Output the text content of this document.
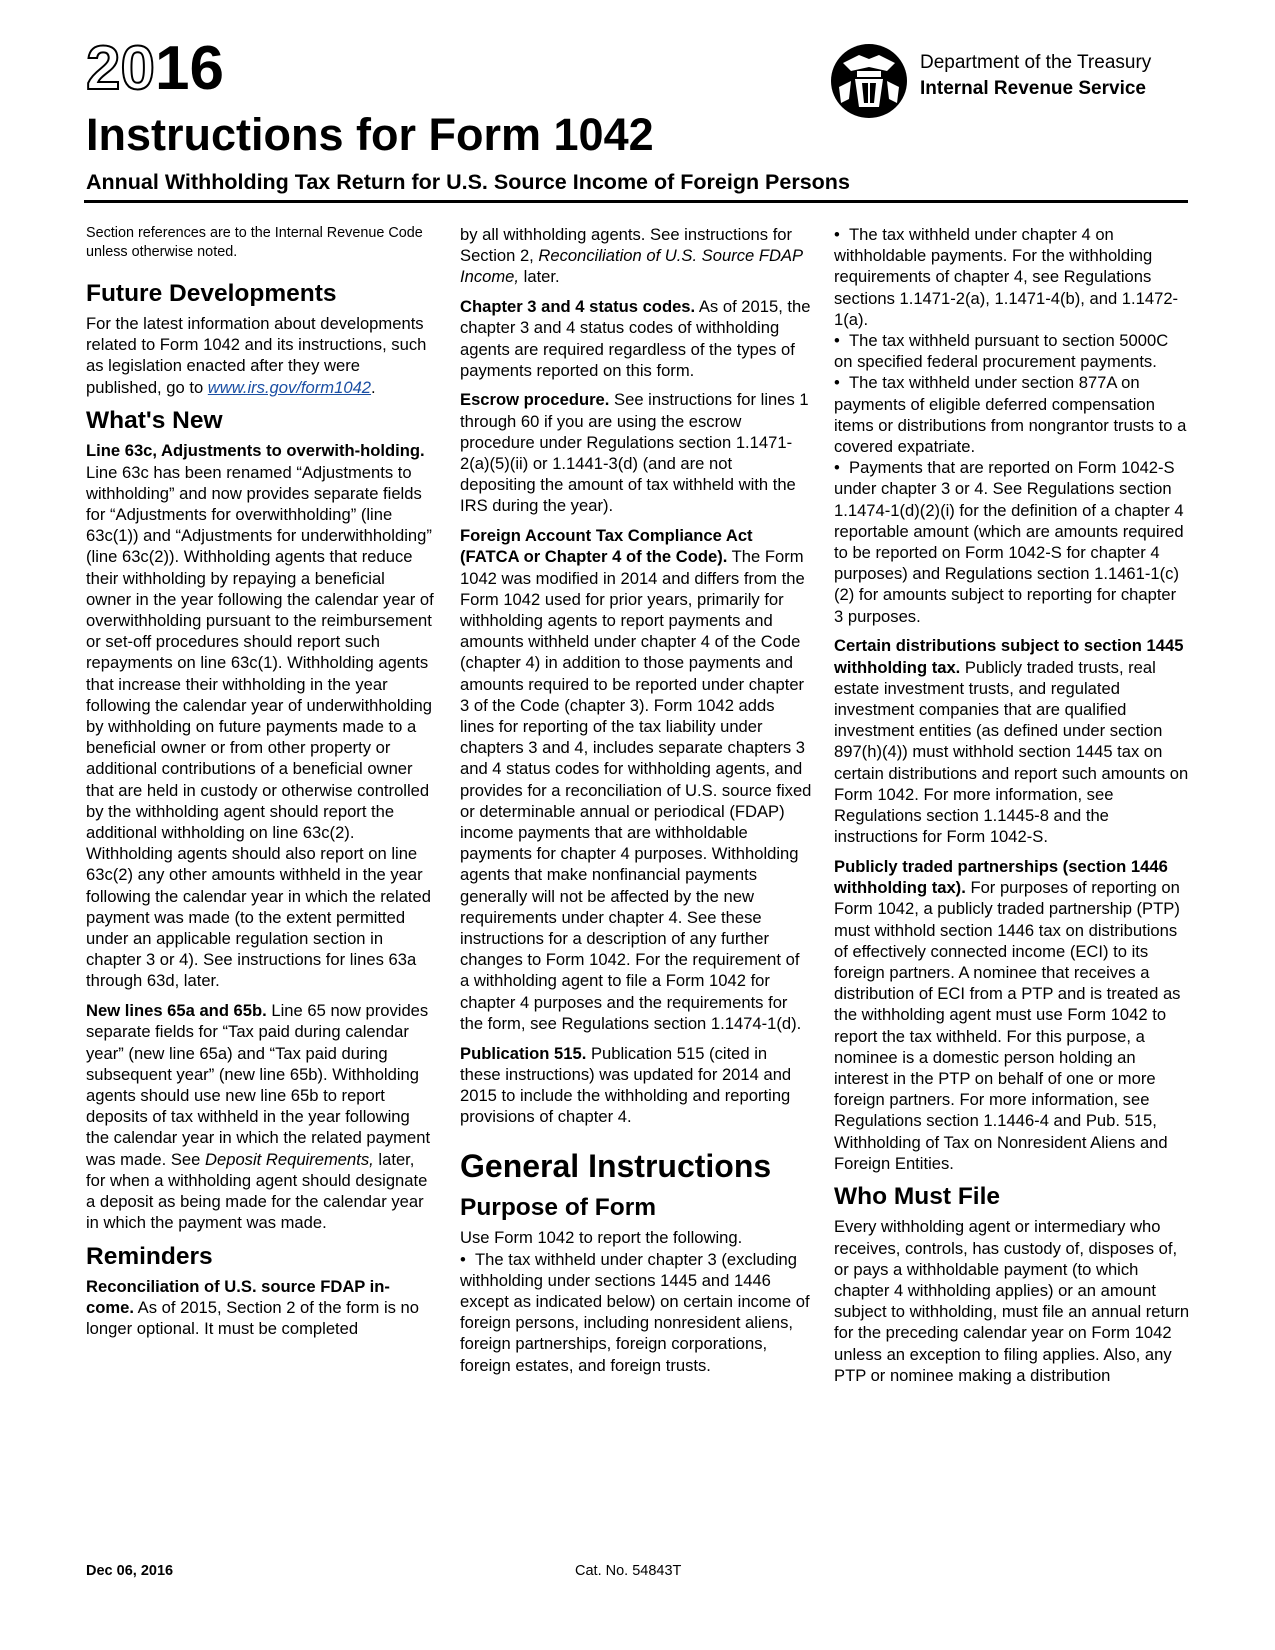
2016
Instructions for Form 1042
Annual Withholding Tax Return for U.S. Source Income of Foreign Persons
Department of the Treasury
Internal Revenue Service

Section references are to the Internal Revenue Code unless otherwise noted.

Future Developments

For the latest information about developments related to Form 1042 and its instructions, such as legislation enacted after they were published, go to www.irs.gov/form1042.

What's New

Line 63c, Adjustments to overwith-holding. Line 63c has been renamed “Adjustments to withholding” and now provides separate fields for “Adjustments for overwithholding” (line 63c(1)) and “Adjustments for underwithholding” (line 63c(2)). Withholding agents that reduce their withholding by repaying a beneficial owner in the year following the calendar year of overwithholding pursuant to the reimbursement or set-off procedures should report such repayments on line 63c(1). Withholding agents that increase their withholding in the year following the calendar year of underwithholding by withholding on future payments made to a beneficial owner or from other property or additional contributions of a beneficial owner that are held in custody or otherwise controlled by the withholding agent should report the additional withholding on line 63c(2). Withholding agents should also report on line 63c(2) any other amounts withheld in the year following the calendar year in which the related payment was made (to the extent permitted under an applicable regulation section in chapter 3 or 4). See instructions for lines 63a through 63d, later.

New lines 65a and 65b. Line 65 now provides separate fields for “Tax paid during calendar year” (new line 65a) and “Tax paid during subsequent year” (new line 65b). Withholding agents should use new line 65b to report deposits of tax withheld in the year following the calendar year in which the related payment was made. See Deposit Requirements, later, for when a withholding agent should designate a deposit as being made for the calendar year in which the payment was made.

Reminders

Reconciliation of U.S. source FDAP in-come. As of 2015, Section 2 of the form is no longer optional. It must be completed

by all withholding agents. See instructions for Section 2, Reconciliation of U.S. Source FDAP Income, later.

Chapter 3 and 4 status codes. As of 2015, the chapter 3 and 4 status codes of withholding agents are required regardless of the types of payments reported on this form.

Escrow procedure. See instructions for lines 1 through 60 if you are using the escrow procedure under Regulations section 1.1471-2(a)(5)(ii) or 1.1441-3(d) (and are not depositing the amount of tax withheld with the IRS during the year).

Foreign Account Tax Compliance Act (FATCA or Chapter 4 of the Code). The Form 1042 was modified in 2014 and differs from the Form 1042 used for prior years, primarily for withholding agents to report payments and amounts withheld under chapter 4 of the Code (chapter 4) in addition to those payments and amounts required to be reported under chapter 3 of the Code (chapter 3). Form 1042 adds lines for reporting of the tax liability under chapters 3 and 4, includes separate chapters 3 and 4 status codes for withholding agents, and provides for a reconciliation of U.S. source fixed or determinable annual or periodical (FDAP) income payments that are withholdable payments for chapter 4 purposes. Withholding agents that make nonfinancial payments generally will not be affected by the new requirements under chapter 4. See these instructions for a description of any further changes to Form 1042. For the requirement of a withholding agent to file a Form 1042 for chapter 4 purposes and the requirements for the form, see Regulations section 1.1474-1(d).

Publication 515. Publication 515 (cited in these instructions) was updated for 2014 and 2015 to include the withholding and reporting provisions of chapter 4.

General Instructions
Purpose of Form

Use Form 1042 to report the following.

•  The tax withheld under chapter 3 (excluding withholding under sections 1445 and 1446 except as indicated below) on certain income of foreign persons, including nonresident aliens, foreign partnerships, foreign corporations, foreign estates, and foreign trusts.

•  The tax withheld under chapter 4 on withholdable payments. For the withholding requirements of chapter 4, see Regulations sections 1.1471-2(a), 1.1471-4(b), and 1.1472-1(a).

•  The tax withheld pursuant to section 5000C on specified federal procurement payments.

•  The tax withheld under section 877A on payments of eligible deferred compensation items or distributions from nongrantor trusts to a covered expatriate.

•  Payments that are reported on Form 1042-S under chapter 3 or 4. See Regulations section 1.1474-1(d)(2)(i) for the definition of a chapter 4 reportable amount (which are amounts required to be reported on Form 1042-S for chapter 4 purposes) and Regulations section 1.1461-1(c)(2) for amounts subject to reporting for chapter 3 purposes.

Certain distributions subject to section 1445 withholding tax. Publicly traded trusts, real estate investment trusts, and regulated investment companies that are qualified investment entities (as defined under section 897(h)(4)) must withhold section 1445 tax on certain distributions and report such amounts on Form 1042. For more information, see Regulations section 1.1445-8 and the instructions for Form 1042-S.

Publicly traded partnerships (section 1446 withholding tax). For purposes of reporting on Form 1042, a publicly traded partnership (PTP) must withhold section 1446 tax on distributions of effectively connected income (ECI) to its foreign partners. A nominee that receives a distribution of ECI from a PTP and is treated as the withholding agent must use Form 1042 to report the tax withheld. For this purpose, a nominee is a domestic person holding an interest in the PTP on behalf of one or more foreign partners. For more information, see Regulations section 1.1446-4 and Pub. 515, Withholding of Tax on Nonresident Aliens and Foreign Entities.

Who Must File

Every withholding agent or intermediary who receives, controls, has custody of, disposes of, or pays a withholdable payment (to which chapter 4 withholding applies) or an amount subject to withholding, must file an annual return for the preceding calendar year on Form 1042 unless an exception to filing applies. Also, any PTP or nominee making a distribution

Dec 06, 2016	Cat. No. 54843T
